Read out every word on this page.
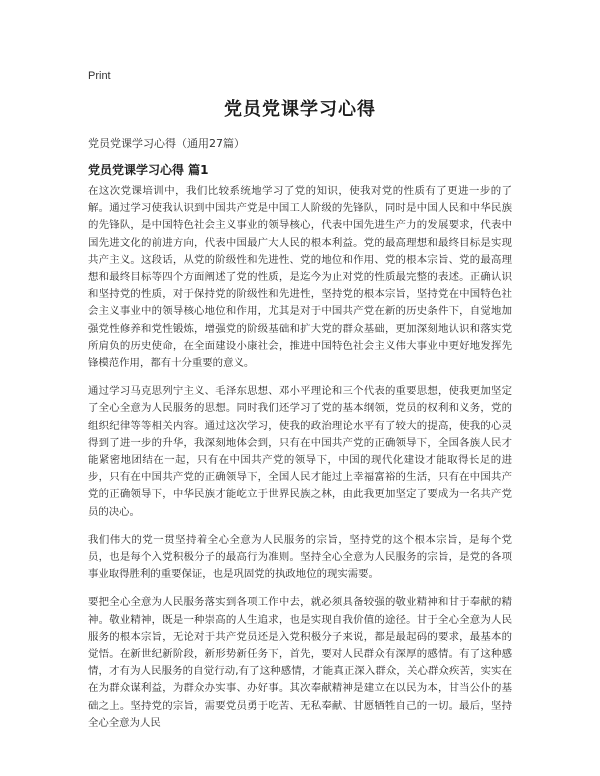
Print
党员党课学习心得
党员党课学习心得（通用27篇）
党员党课学习心得 篇1

在这次党课培训中，我们比较系统地学习了党的知识，使我对党的性质有了更进一步的了解。通过学习使我认识到中国共产党是中国工人阶级的先锋队，同时是中国人民和中华民族的先锋队，是中国特色社会主义事业的领导核心，代表中国先进生产力的发展要求，代表中国先进文化的前进方向，代表中国最广大人民的根本利益。党的最高理想和最终目标是实现共产主义。这段话，从党的阶级性和先进性、党的地位和作用、党的根本宗旨、党的最高理想和最终目标等四个方面阐述了党的性质，是迄今为止对党的性质最完整的表述。正确认识和坚持党的性质，对于保持党的阶级性和先进性，坚持党的根本宗旨，坚持党在中国特色社会主义事业中的领导核心地位和作用，尤其是对于中国共产党在新的历史条件下，自觉地加强党性修养和党性锻炼，增强党的阶级基础和扩大党的群众基础，更加深刻地认识和落实党所肩负的历史使命，在全面建设小康社会，推进中国特色社会主义伟大事业中更好地发挥先锋模范作用，都有十分重要的意义。

通过学习马克思列宁主义、毛泽东思想、邓小平理论和三个代表的重要思想，使我更加坚定了全心全意为人民服务的思想。同时我们还学习了党的基本纲领，党员的权利和义务，党的组织纪律等等相关内容。通过这次学习，使我的政治理论水平有了较大的提高，使我的心灵得到了进一步的升华，我深刻地体会到，只有在中国共产党的正确领导下，全国各族人民才能紧密地团结在一起，只有在中国共产党的领导下，中国的现代化建设才能取得长足的进步，只有在中国共产党的正确领导下，全国人民才能过上幸福富裕的生活，只有在中国共产党的正确领导下，中华民族才能屹立于世界民族之林，由此我更加坚定了要成为一名共产党员的决心。

我们伟大的党一贯坚持着全心全意为人民服务的宗旨，坚持党的这个根本宗旨，是每个党员，也是每个入党积极分子的最高行为准则。坚持全心全意为人民服务的宗旨，是党的各项事业取得胜利的重要保证，也是巩固党的执政地位的现实需要。

要把全心全意为人民服务落实到各项工作中去，就必须具备较强的敬业精神和甘于奉献的精神。敬业精神，既是一种崇高的人生追求，也是实现自我价值的途径。甘于全心全意为人民服务的根本宗旨，无论对于共产党员还是入党积极分子来说，都是最起码的要求，最基本的觉悟。在新世纪新阶段，新形势新任务下，首先，要对人民群众有深厚的感情。有了这种感情，才有为人民服务的自觉行动,有了这种感情，才能真正深入群众，关心群众疾苦，实实在在为群众谋利益，为群众办实事、办好事。其次奉献精神是建立在以民为本，甘当公仆的基础之上。坚持党的宗旨，需要党员勇于吃苦、无私奉献、甘愿牺牲自己的一切。最后，坚持全心全意为人民
